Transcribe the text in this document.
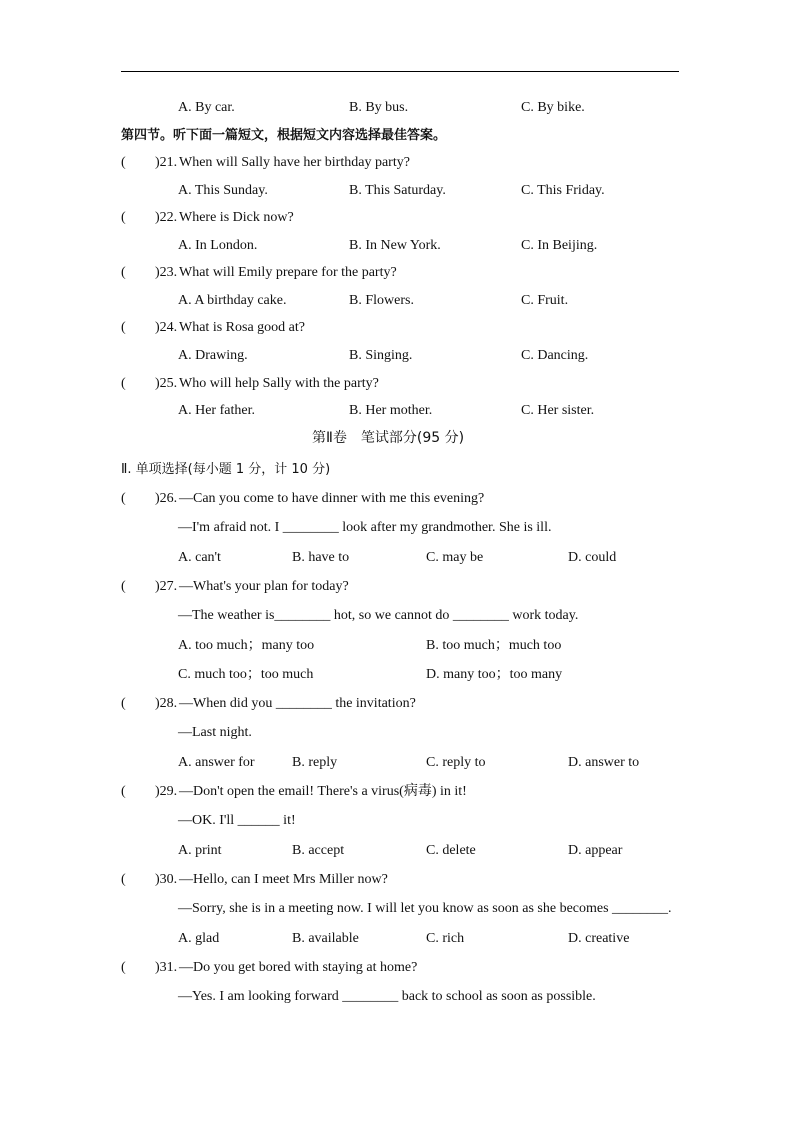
A. By car.	B. By bus.	C. By bike.
第四节。听下面一篇短文，根据短文内容选择最佳答案。
( )21. When will Sally have her birthday party?
A. This Sunday.	B. This Saturday.	C. This Friday.
( )22. Where is Dick now?
A. In London.	B. In New York.	C. In Beijing.
( )23. What will Emily prepare for the party?
A. A birthday cake.	B. Flowers.	C. Fruit.
( )24. What is Rosa good at?
A. Drawing.	B. Singing.	C. Dancing.
( )25. Who will help Sally with the party?
A. Her father.	B. Her mother.	C. Her sister.
第Ⅱ卷　笔试部分(95 分)
Ⅱ. 单项选择(每小题 1 分，计 10 分)
( )26. —Can you come to have dinner with me this evening?
—I'm afraid not. I ________ look after my grandmother. She is ill.
A. can't	B. have to	C. may be	D. could
( )27. —What's your plan for today?
—The weather is________ hot, so we cannot do ________ work today.
A. too much；many too	B. too much；much too
C. much too；too much	D. many too；too many
( )28. —When did you ________ the invitation?
—Last night.
A. answer for	B. reply	C. reply to	D. answer to
( )29. —Don't open the email! There's a virus(病毒) in it!
—OK. I'll ______ it!
A. print	B. accept	C. delete	D. appear
( )30. —Hello, can I meet Mrs Miller now?
—Sorry, she is in a meeting now. I will let you know as soon as she becomes ________.
A. glad	B. available	C. rich	D. creative
( )31. —Do you get bored with staying at home?
—Yes. I am looking forward ________ back to school as soon as possible.
